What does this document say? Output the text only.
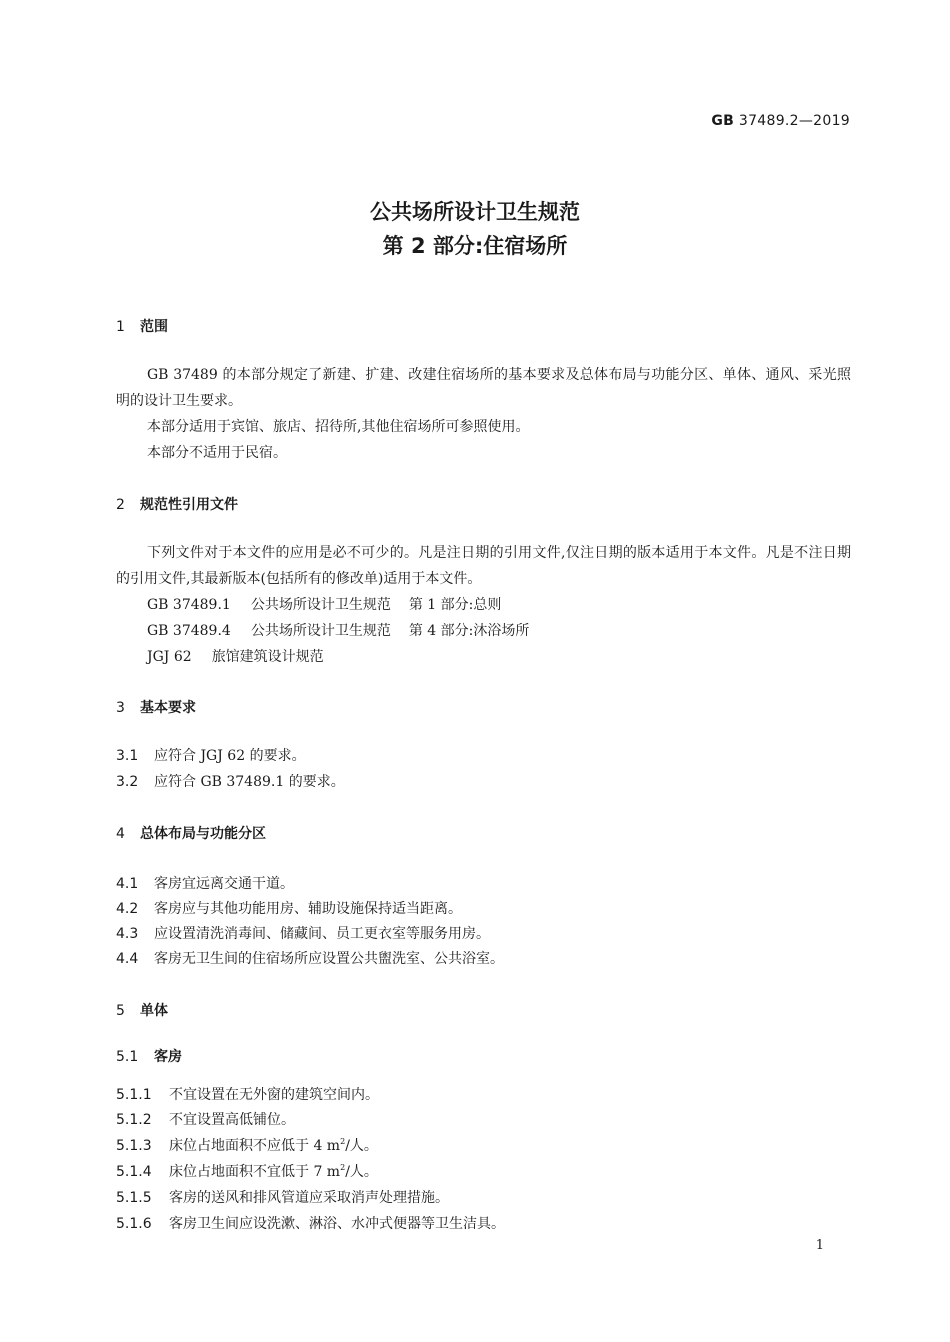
GB 37489.2—2019
公共场所设计卫生规范
第 2 部分:住宿场所
1 范围
GB 37489 的本部分规定了新建、扩建、改建住宿场所的基本要求及总体布局与功能分区、单体、通风、采光照明的设计卫生要求。
本部分适用于宾馆、旅店、招待所,其他住宿场所可参照使用。
本部分不适用于民宿。
2 规范性引用文件
下列文件对于本文件的应用是必不可少的。凡是注日期的引用文件,仅注日期的版本适用于本文件。凡是不注日期的引用文件,其最新版本(包括所有的修改单)适用于本文件。
GB 37489.1 公共场所设计卫生规范 第 1 部分:总则
GB 37489.4 公共场所设计卫生规范 第 4 部分:沐浴场所
JGJ 62 旅馆建筑设计规范
3 基本要求
3.1 应符合 JGJ 62 的要求。
3.2 应符合 GB 37489.1 的要求。
4 总体布局与功能分区
4.1 客房宜远离交通干道。
4.2 客房应与其他功能用房、辅助设施保持适当距离。
4.3 应设置清洗消毒间、储藏间、员工更衣室等服务用房。
4.4 客房无卫生间的住宿场所应设置公共盥洗室、公共浴室。
5 单体
5.1 客房
5.1.1 不宜设置在无外窗的建筑空间内。
5.1.2 不宜设置高低铺位。
5.1.3 床位占地面积不应低于 4 $m^2/$人。
5.1.4 床位占地面积不宜低于 7 $m^2/$人。
5.1.5 客房的送风和排风管道应采取消声处理措施。
5.1.6 客房卫生间应设洗漱、淋浴、水冲式便器等卫生洁具。
1
